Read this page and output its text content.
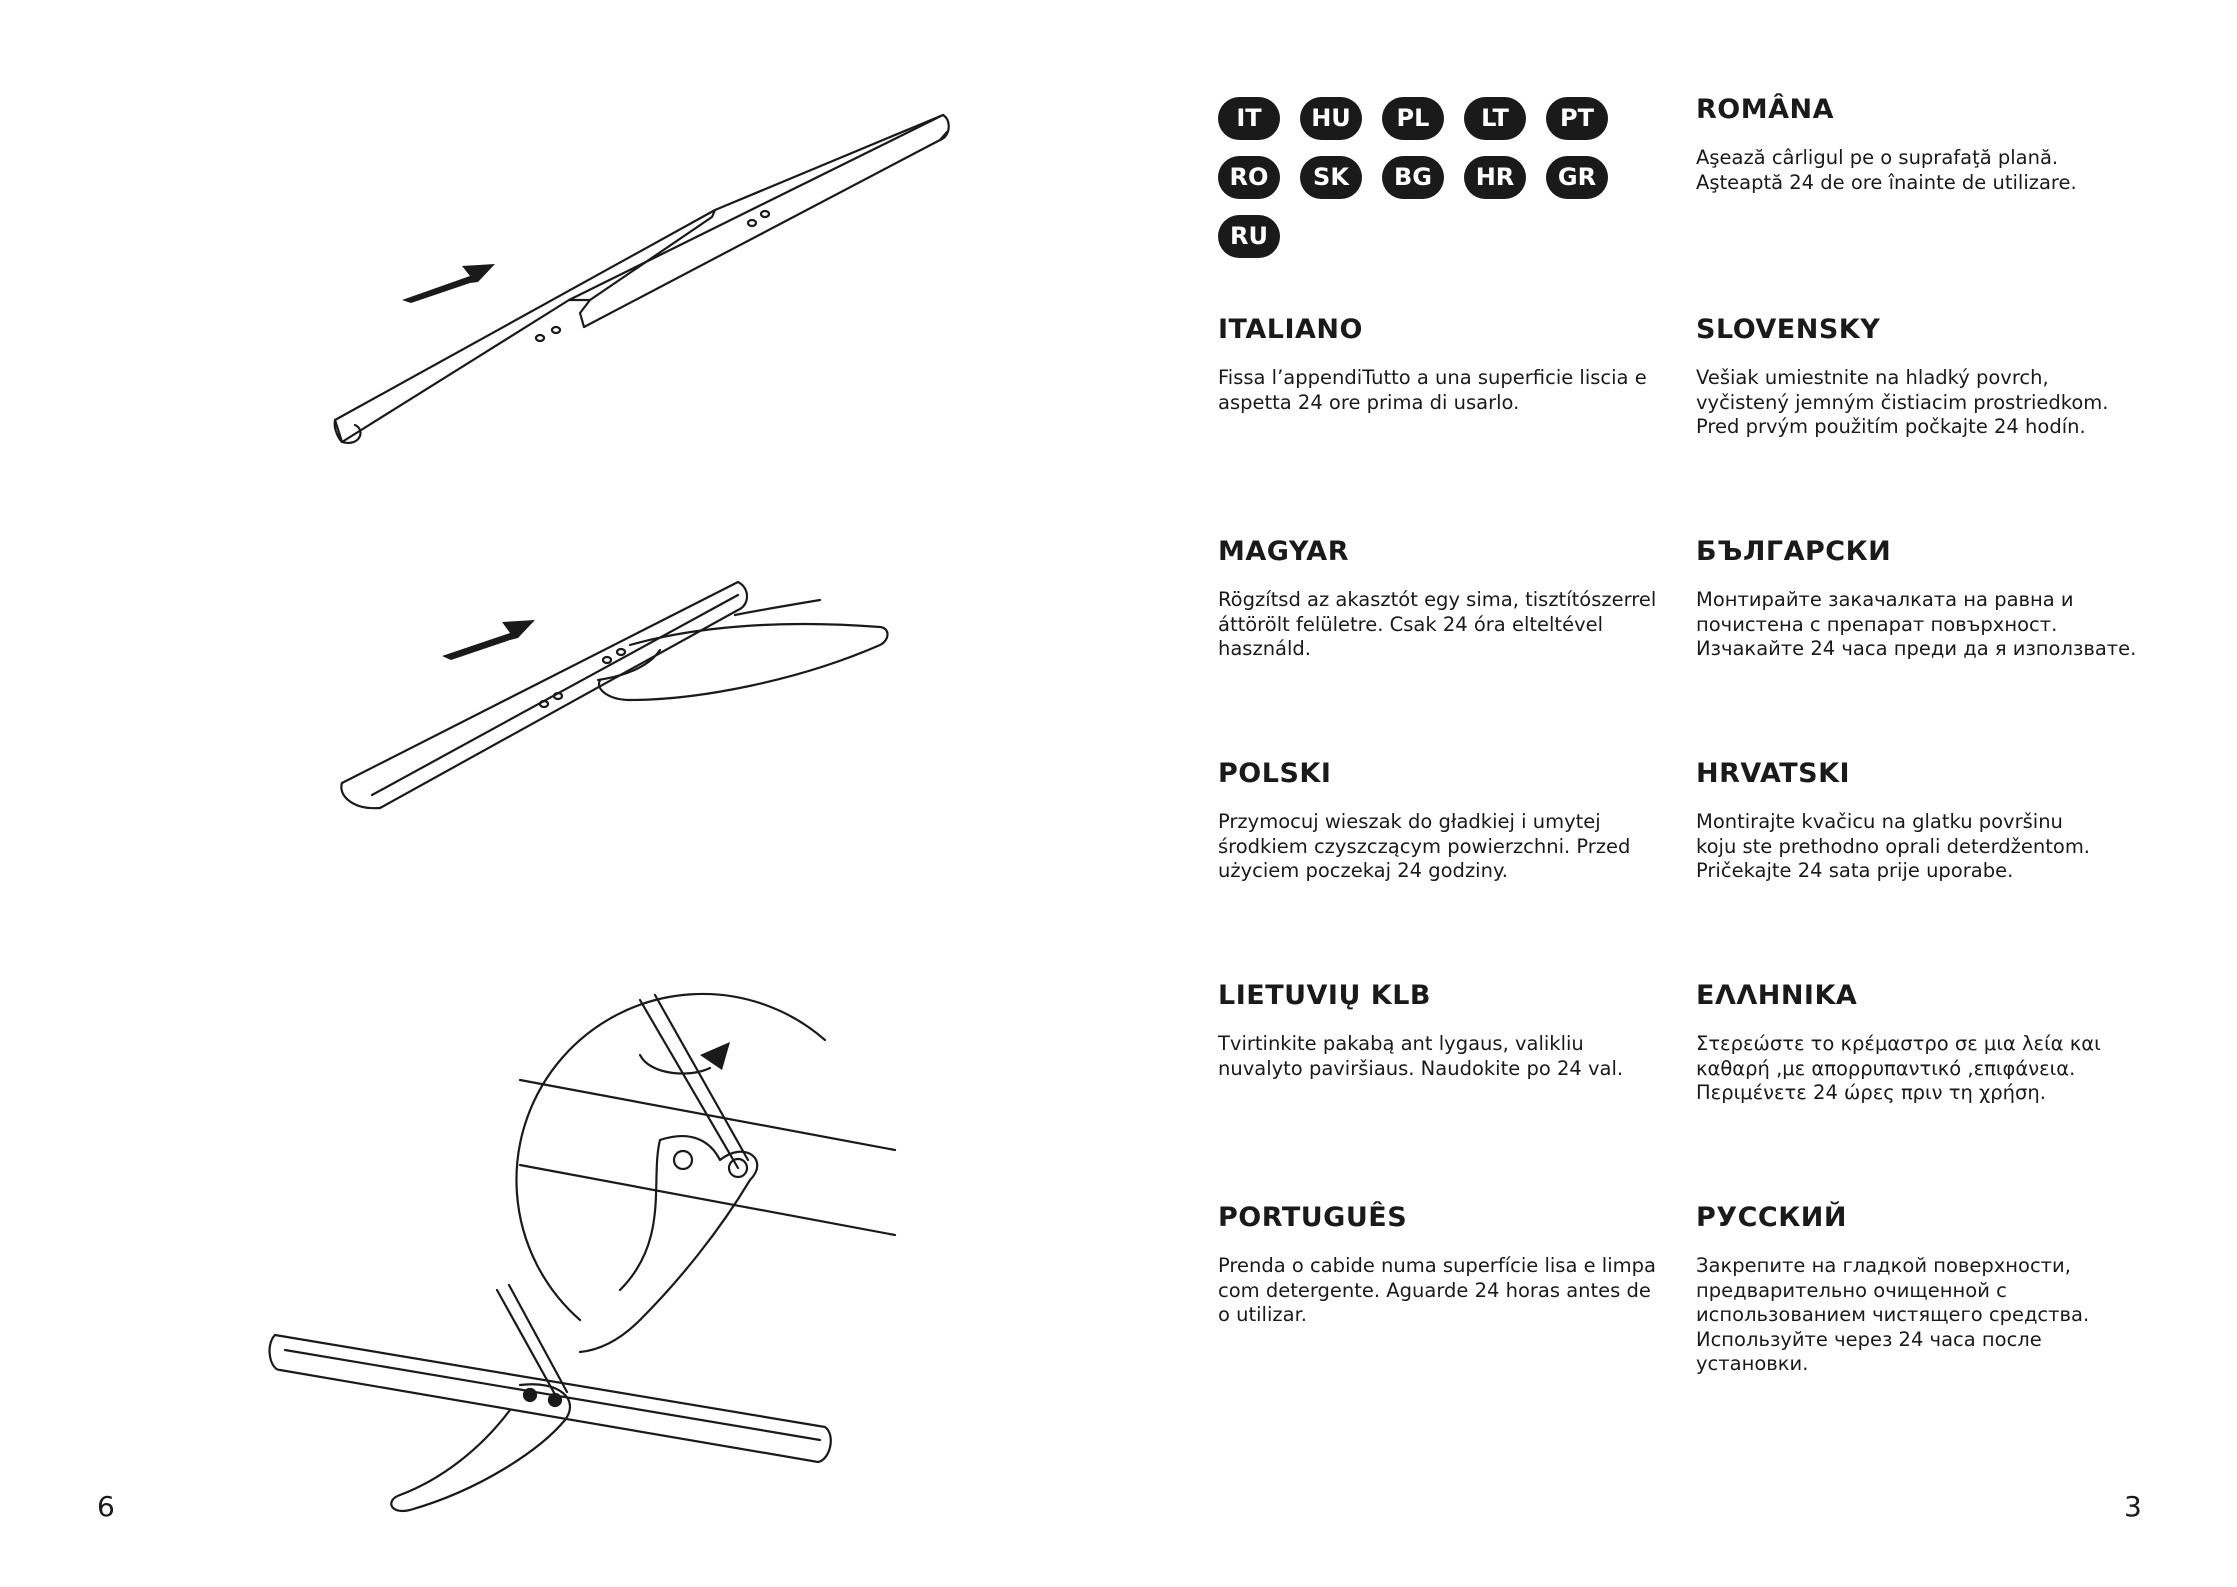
6	3
IT	HU	PL	LT	PT
RO	SK	BG	HR	GR
RU
ROMÂNA

Aşează cârligul pe o suprafaţă plană.
Aşteaptă 24 de ore înainte de utilizare.

ITALIANO

Fissa l’appendiTutto a una superficie liscia e
aspetta 24 ore prima di usarlo.

SLOVENSKY

Vešiak umiestnite na hladký povrch,
vyčistený jemným čistiacim prostriedkom.
Pred prvým použitím počkajte 24 hodín.

MAGYAR

Rögzítsd az akasztót egy sima, tisztítószerrel
áttörölt felületre. Csak 24 óra elteltével
használd.

БЪЛГАРСКИ

Монтирайте закачалката на равна и
почистена с препарат повърхност.
Изчакайте 24 часа преди да я използвате.

POLSKI

Przymocuj wieszak do gładkiej i umytej
środkiem czyszczącym powierzchni. Przed
użyciem poczekaj 24 godziny.

HRVATSKI

Montirajte kvačicu na glatku površinu
koju ste prethodno oprali deterdžentom.
Pričekajte 24 sata prije uporabe.

LIETUVIŲ KLB

Tvirtinkite pakabą ant lygaus, valikliu
nuvalyto paviršiaus. Naudokite po 24 val.

ΕΛΛΗΝΙΚΑ

Στερεώστε το κρέμαστρο σε μια λεία και
καθαρή ,με απορρυπαντικό ,επιφάνεια.
Περιμένετε 24 ώρες πριν τη χρήση.

PORTUGUÊS

Prenda o cabide numa superfície lisa e limpa
com detergente. Aguarde 24 horas antes de
o utilizar.

РУССКИЙ

Закрепите на гладкой поверхности,
предварительно очищенной с
использованием чистящего средства.
Используйте через 24 часа после
установки.
